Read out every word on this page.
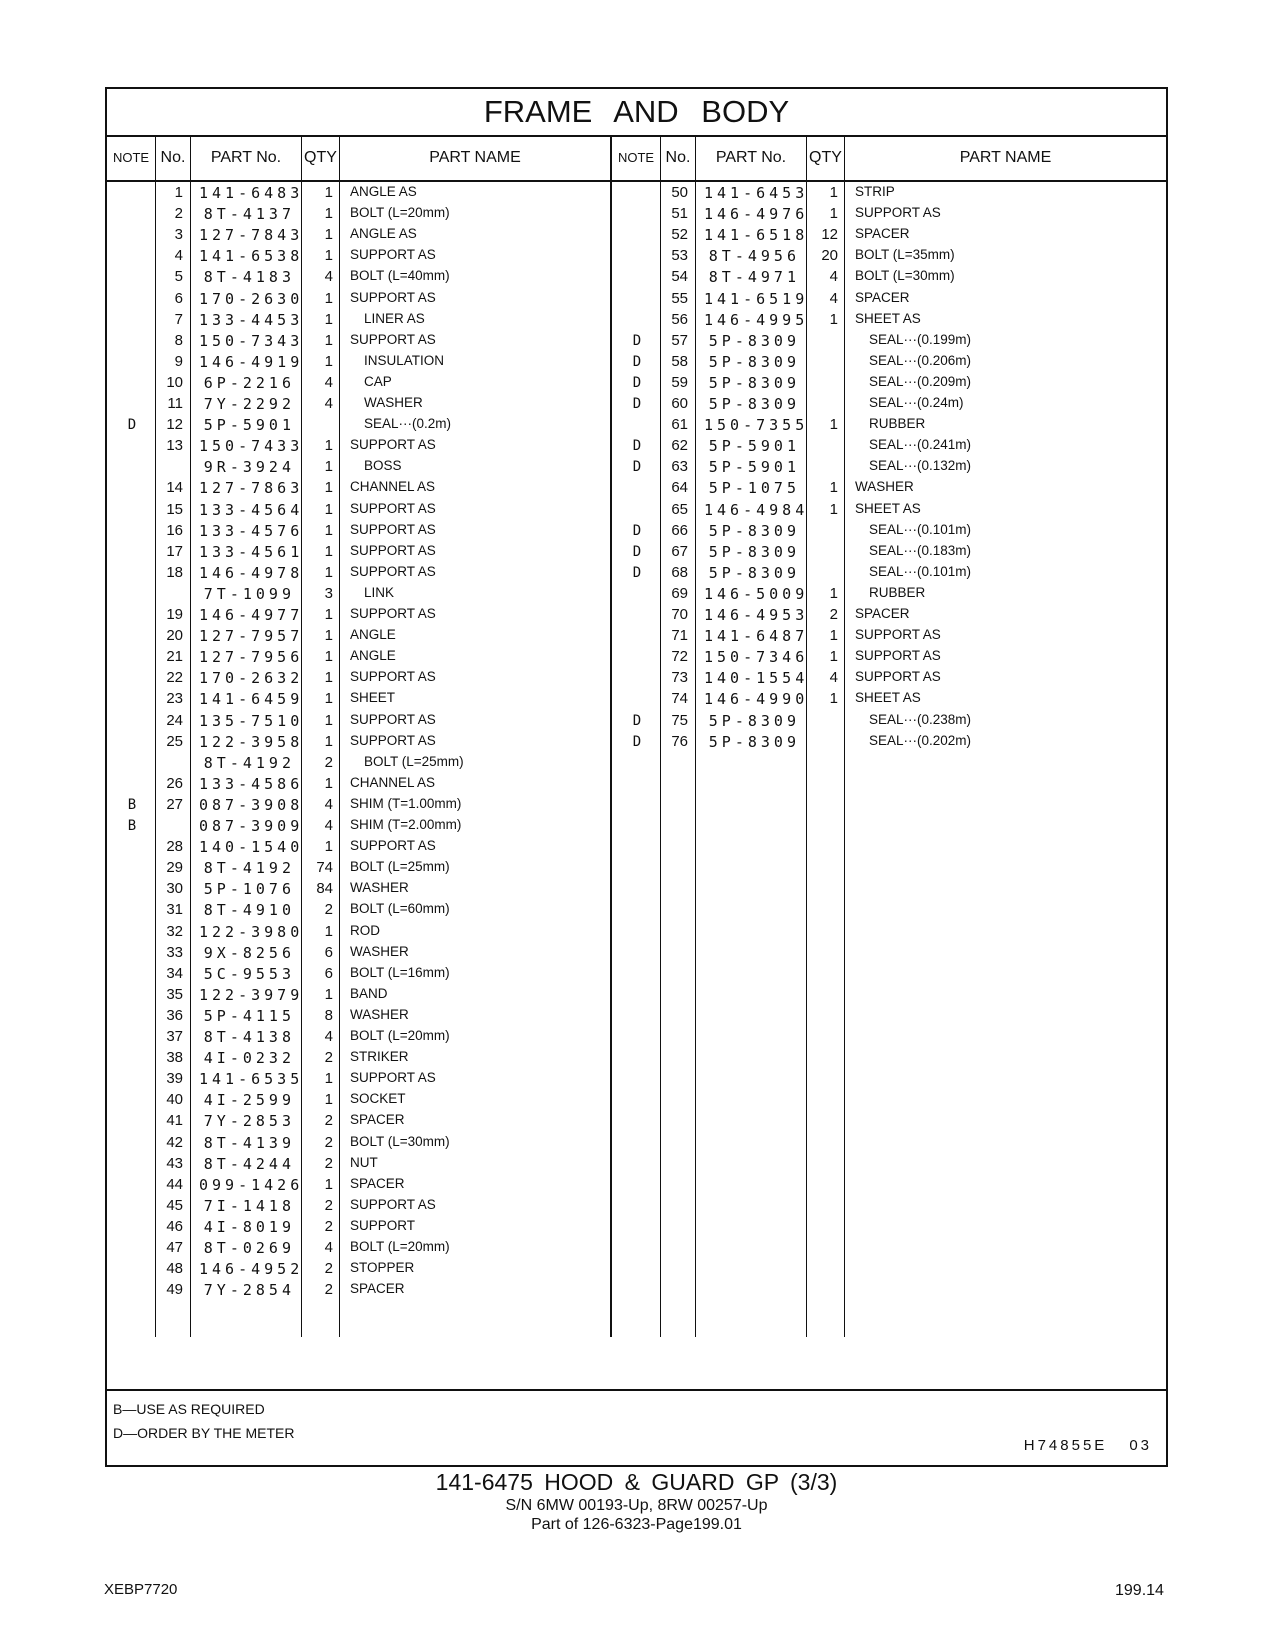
FRAME AND BODY
NOTE No.	PART No.	QTY	PART NAME	NOTE No.	PART No.	QTY	PART NAME
1 141-6483	1 ANGLE AS
2	8T-4137	1 BOLT (L=20mm)
3 127-7843	1 ANGLE AS
4 141-6538	1 SUPPORT AS
5	8T-4183	4 BOLT (L=40mm)
6 170-2630	1 SUPPORT AS
7 133-4453	1 LINER AS
8 150-7343	1 SUPPORT AS
9 146-4919	1 INSULATION
10	6P-2216	4 CAP
11	7Y-2292	4 WASHER
D	12	5P-5901	SEAL···(0.2m)
13 150-7433	1 SUPPORT AS
9R-3924	1 BOSS
14 127-7863	1 CHANNEL AS
15 133-4564	1 SUPPORT AS
16 133-4576	1 SUPPORT AS
17 133-4561	1 SUPPORT AS
18 146-4978	1 SUPPORT AS
7T-1099	3 LINK
19 146-4977	1 SUPPORT AS
20 127-7957	1 ANGLE
21 127-7956	1 ANGLE
22 170-2632	1 SUPPORT AS
23 141-6459	1 SHEET
24 135-7510	1 SUPPORT AS
25 122-3958	1 SUPPORT AS
8T-4192	2 BOLT (L=25mm)
26 133-4586	1 CHANNEL AS
B	27 087-3908	4 SHIM (T=1.00mm)
B	087-3909	4 SHIM (T=2.00mm)
28 140-1540	1 SUPPORT AS
29	8T-4192	74 BOLT (L=25mm)
30	5P-1076	84 WASHER
31	8T-4910	2 BOLT (L=60mm)
32 122-3980	1 ROD
33	9X-8256	6 WASHER
34	5C-9553	6 BOLT (L=16mm)
35 122-3979	1 BAND
36	5P-4115	8 WASHER
37	8T-4138	4 BOLT (L=20mm)
38	4I-0232	2 STRIKER
39 141-6535	1 SUPPORT AS
40	4I-2599	1 SOCKET
41	7Y-2853	2 SPACER
42	8T-4139	2 BOLT (L=30mm)
43	8T-4244	2 NUT
44 099-1426	1 SPACER
45	7I-1418	2 SUPPORT AS
46	4I-8019	2 SUPPORT
47	8T-0269	4 BOLT (L=20mm)
48 146-4952	2 STOPPER
49	7Y-2854	2 SPACER
50 141-6453	1 STRIP
51 146-4976	1 SUPPORT AS
52 141-6518 12 SPACER
53	8T-4956	20 BOLT (L=35mm)
54	8T-4971	4 BOLT (L=30mm)
55 141-6519	4 SPACER
56 146-4995	1 SHEET AS
D	57	5P-8309	SEAL···(0.199m)
D	58	5P-8309	SEAL···(0.206m)
D	59	5P-8309	SEAL···(0.209m)
D	60	5P-8309	SEAL···(0.24m)
61 150-7355	1 RUBBER
D	62	5P-5901	SEAL···(0.241m)
D	63	5P-5901	SEAL···(0.132m)
64	5P-1075	1 WASHER
65 146-4984	1 SHEET AS
D	66	5P-8309	SEAL···(0.101m)
D	67	5P-8309	SEAL···(0.183m)
D	68	5P-8309	SEAL···(0.101m)
69 146-5009	1 RUBBER
70 146-4953	2 SPACER
71 141-6487	1 SUPPORT AS
72 150-7346	1 SUPPORT AS
73 140-1554	4 SUPPORT AS
74 146-4990	1 SHEET AS
D	75	5P-8309	SEAL···(0.238m)
D	76	5P-8309	SEAL···(0.202m)
B—USE AS REQUIRED
D—ORDER BY THE METER
H74855E 03
141-6475 HOOD & GUARD GP (3/3)
S/N 6MW 00193-Up, 8RW 00257-Up
Part of 126-6323-Page199.01
XEBP7720	199.14
